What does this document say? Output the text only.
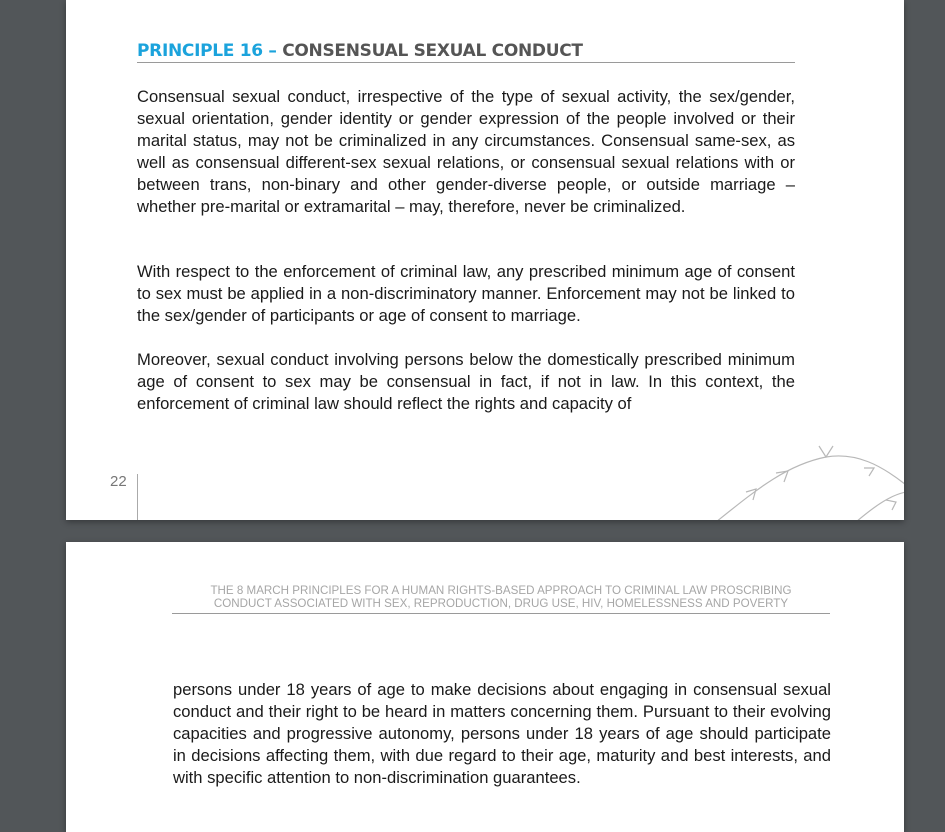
PRINCIPLE 16 – CONSENSUAL SEXUAL CONDUCT

Consensual sexual conduct, irrespective of the type of sexual activity, the sex/gender, sexual orientation, gender identity or gender expression of the people involved or their marital status, may not be criminalized in any circumstances. Consensual same-sex, as well as consensual different-sex sexual relations, or consensual sexual relations with or between trans, non-binary and other gender-diverse people, or outside marriage – whether pre-marital or extramarital – may, therefore, never be criminalized.

With respect to the enforcement of criminal law, any prescribed minimum age of consent to sex must be applied in a non-discriminatory manner. Enforcement may not be linked to the sex/gender of participants or age of consent to marriage.

Moreover, sexual conduct involving persons below the domestically prescribed minimum age of consent to sex may be consensual in fact, if not in law. In this context, the enforcement of criminal law should reflect the rights and capacity of

22
THE 8 MARCH PRINCIPLES FOR A HUMAN RIGHTS-BASED APPROACH TO CRIMINAL LAW PROSCRIBING
CONDUCT ASSOCIATED WITH SEX, REPRODUCTION, DRUG USE, HIV, HOMELESSNESS AND POVERTY

persons under 18 years of age to make decisions about engaging in consensual sexual conduct and their right to be heard in matters concerning them. Pursuant to their evolving capacities and progressive autonomy, persons under 18 years of age should participate in decisions affecting them, with due regard to their age, maturity and best interests, and with specific attention to non-discrimination guarantees.
